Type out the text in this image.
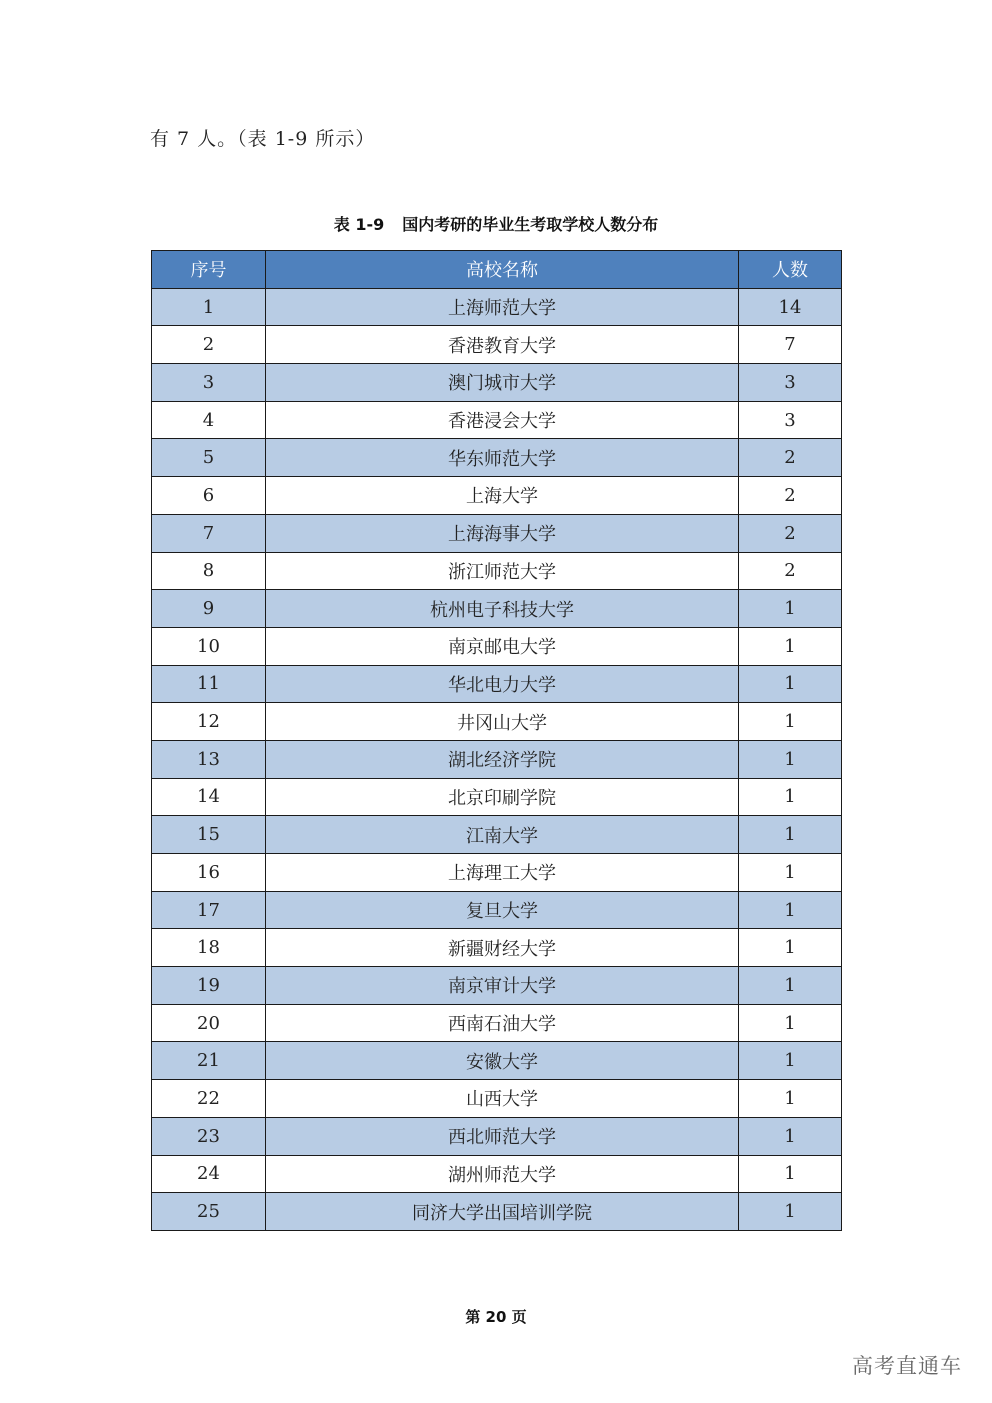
有 7 人。（表 1-9 所示）
表 1-9 国内考研的毕业生考取学校人数分布
序号	高校名称	人数
1	上海师范大学	14
2	香港教育大学	7
3	澳门城市大学	3
4	香港浸会大学	3
5	华东师范大学	2
6	上海大学	2
7	上海海事大学	2
8	浙江师范大学	2
9	杭州电子科技大学	1
10	南京邮电大学	1
11	华北电力大学	1
12	井冈山大学	1
13	湖北经济学院	1
14	北京印刷学院	1
15	江南大学	1
16	上海理工大学	1
17	复旦大学	1
18	新疆财经大学	1
19	南京审计大学	1
20	西南石油大学	1
21	安徽大学	1
22	山西大学	1
23	西北师范大学	1
24	湖州师范大学	1
25	同济大学出国培训学院	1
第 20 页
高考直通车
